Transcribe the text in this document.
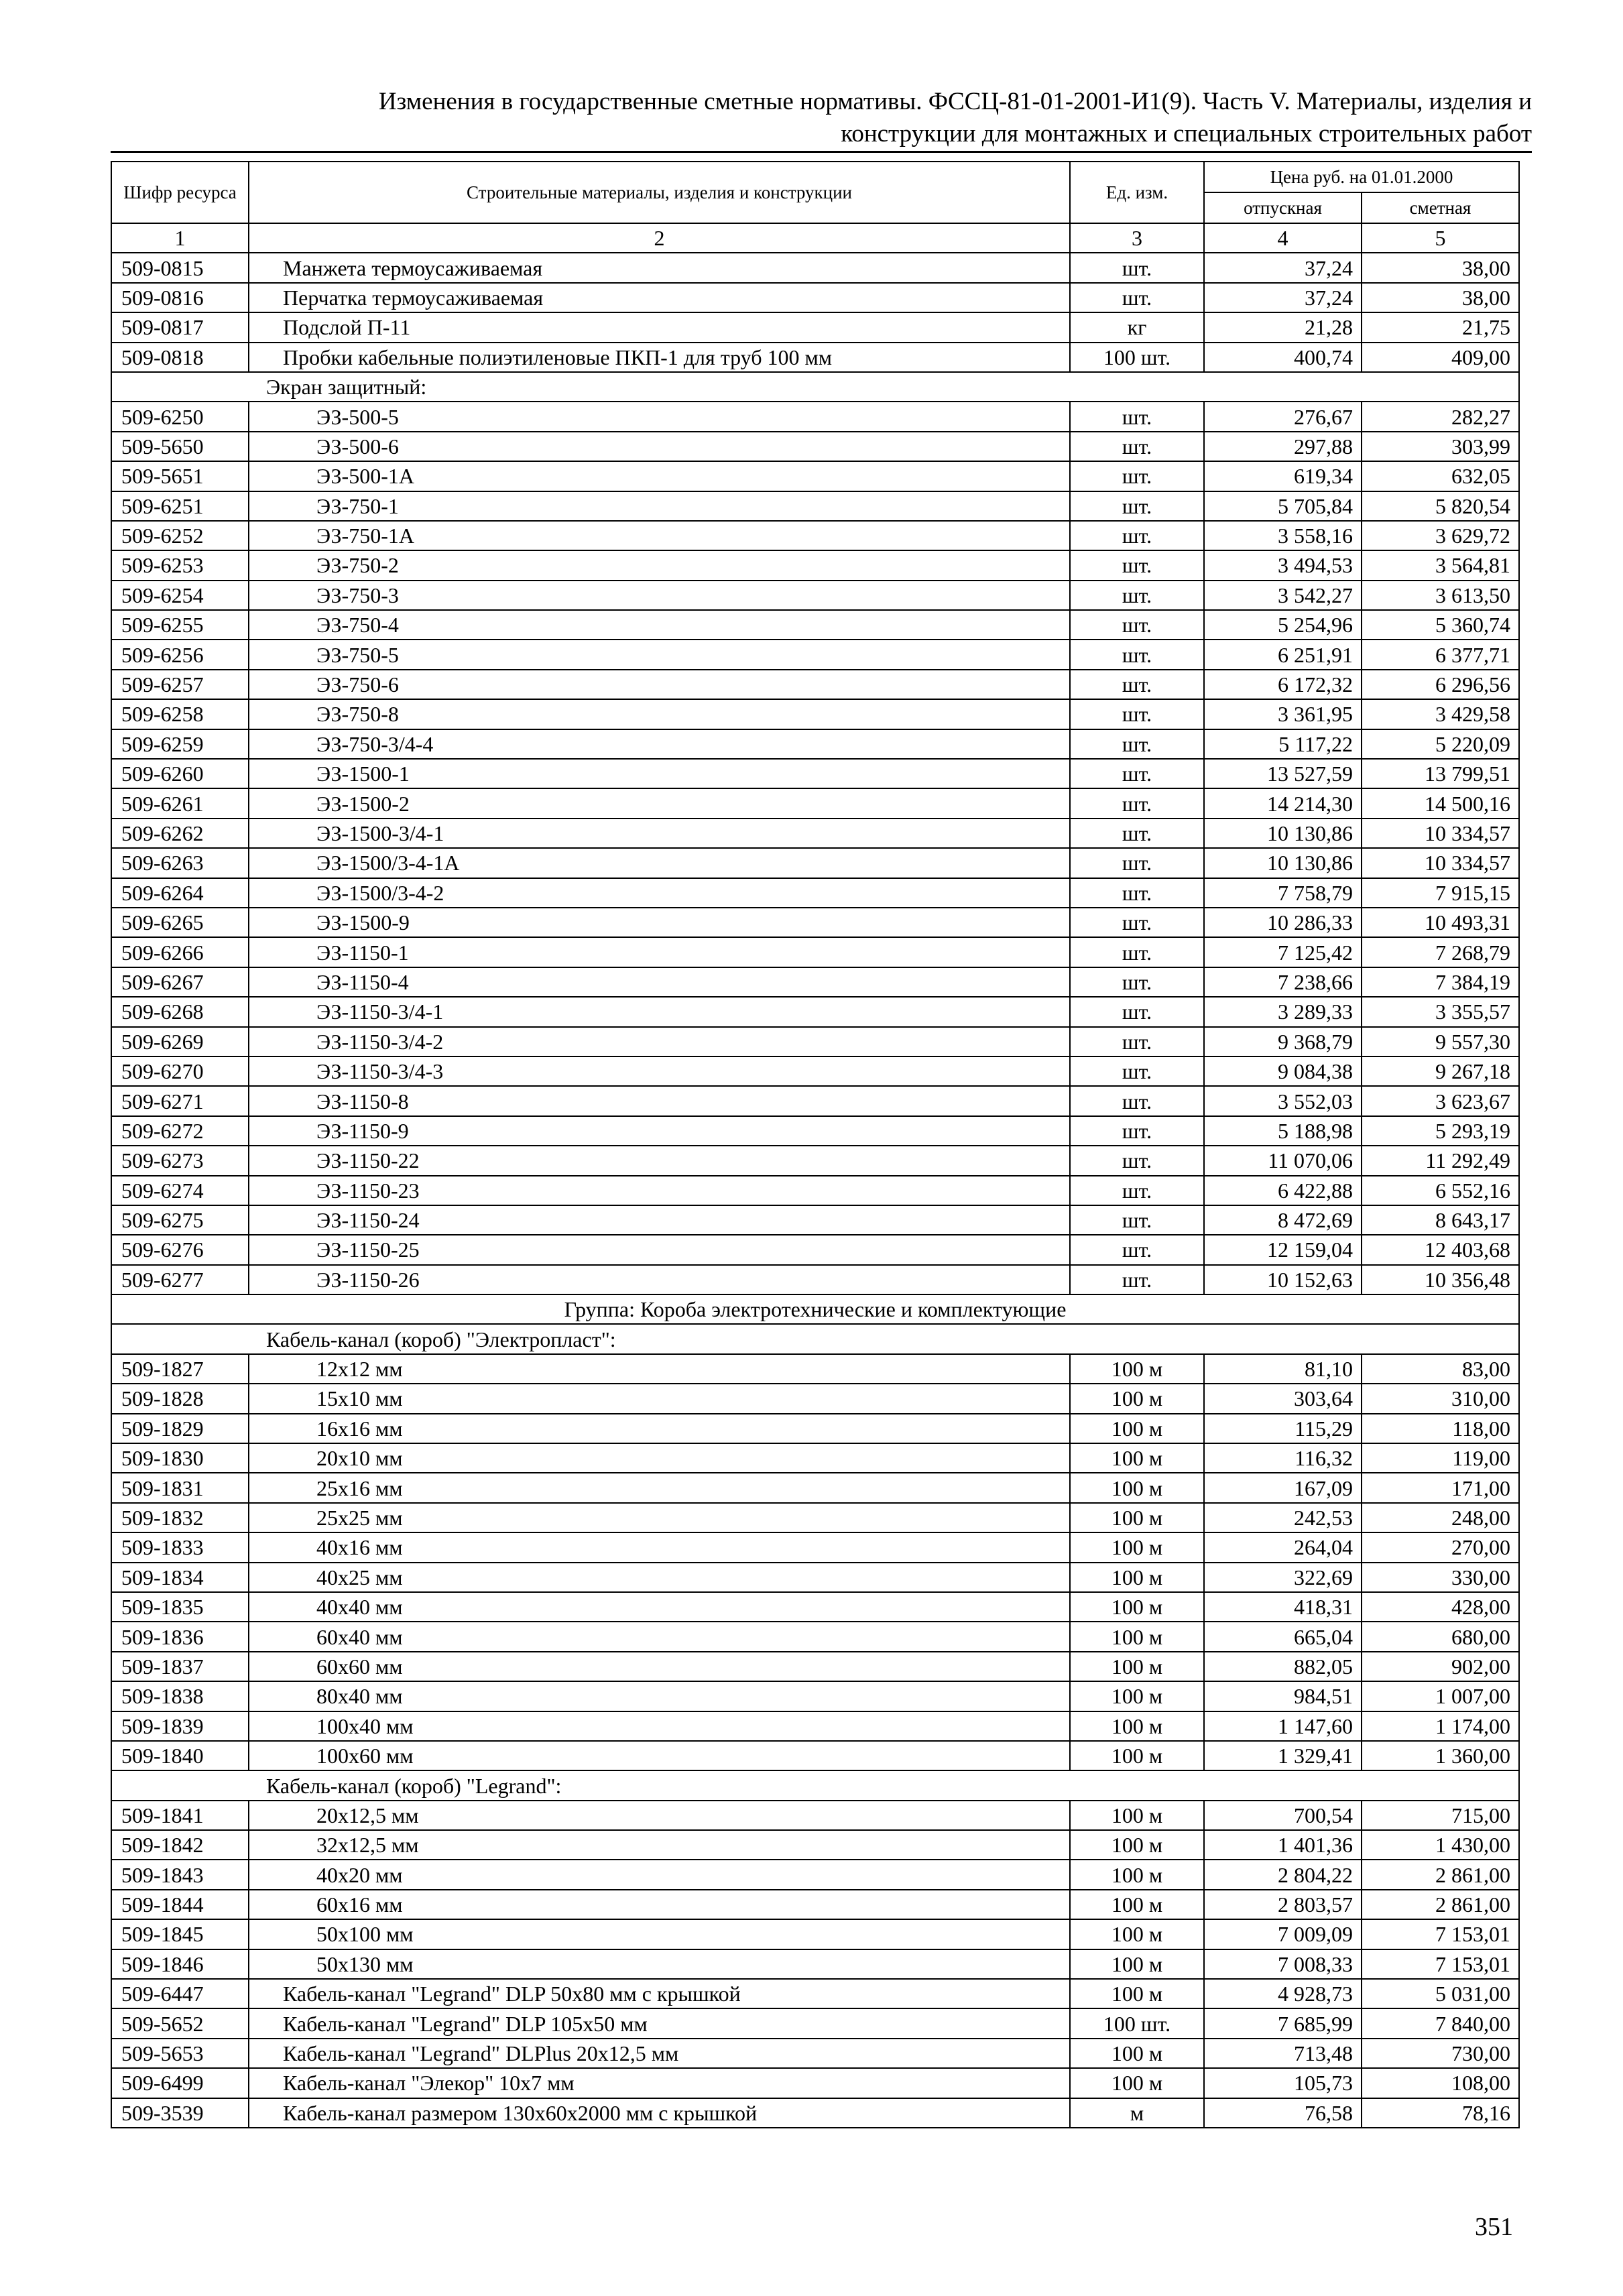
Изменения в государственные сметные нормативы. ФССЦ-81-01-2001-И1(9). Часть V. Материалы, изделия и
конструкции для монтажных и специальных строительных работ
Шифр ресурса	Строительные материалы, изделия и конструкции	Ед. изм.	Цена руб. на 01.01.2000	
			отпускная	сметная
1	2	3	4	5
509-0815	Манжета термоусаживаемая	шт.	37,24	38,00
509-0816	Перчатка термоусаживаемая	шт.	37,24	38,00
509-0817	Подслой П-11	кг	21,28	21,75
509-0818	Пробки кабельные полиэтиленовые ПКП-1 для труб 100 мм	100 шт.	400,74	409,00
Экран защитный:				
509-6250	ЭЗ-500-5	шт.	276,67	282,27
509-5650	ЭЗ-500-6	шт.	297,88	303,99
509-5651	ЭЗ-500-1А	шт.	619,34	632,05
509-6251	ЭЗ-750-1	шт.	5 705,84	5 820,54
509-6252	ЭЗ-750-1А	шт.	3 558,16	3 629,72
509-6253	ЭЗ-750-2	шт.	3 494,53	3 564,81
509-6254	ЭЗ-750-3	шт.	3 542,27	3 613,50
509-6255	ЭЗ-750-4	шт.	5 254,96	5 360,74
509-6256	ЭЗ-750-5	шт.	6 251,91	6 377,71
509-6257	ЭЗ-750-6	шт.	6 172,32	6 296,56
509-6258	ЭЗ-750-8	шт.	3 361,95	3 429,58
509-6259	ЭЗ-750-3/4-4	шт.	5 117,22	5 220,09
509-6260	ЭЗ-1500-1	шт.	13 527,59	13 799,51
509-6261	ЭЗ-1500-2	шт.	14 214,30	14 500,16
509-6262	ЭЗ-1500-3/4-1	шт.	10 130,86	10 334,57
509-6263	ЭЗ-1500/3-4-1А	шт.	10 130,86	10 334,57
509-6264	ЭЗ-1500/3-4-2	шт.	7 758,79	7 915,15
509-6265	ЭЗ-1500-9	шт.	10 286,33	10 493,31
509-6266	ЭЗ-1150-1	шт.	7 125,42	7 268,79
509-6267	ЭЗ-1150-4	шт.	7 238,66	7 384,19
509-6268	ЭЗ-1150-3/4-1	шт.	3 289,33	3 355,57
509-6269	ЭЗ-1150-3/4-2	шт.	9 368,79	9 557,30
509-6270	ЭЗ-1150-3/4-3	шт.	9 084,38	9 267,18
509-6271	ЭЗ-1150-8	шт.	3 552,03	3 623,67
509-6272	ЭЗ-1150-9	шт.	5 188,98	5 293,19
509-6273	ЭЗ-1150-22	шт.	11 070,06	11 292,49
509-6274	ЭЗ-1150-23	шт.	6 422,88	6 552,16
509-6275	ЭЗ-1150-24	шт.	8 472,69	8 643,17
509-6276	ЭЗ-1150-25	шт.	12 159,04	12 403,68
509-6277	ЭЗ-1150-26	шт.	10 152,63	10 356,48
Группа: Короба электротехнические и комплектующие				
Кабель-канал (короб) "Электропласт":				
509-1827	12х12 мм	100 м	81,10	83,00
509-1828	15х10 мм	100 м	303,64	310,00
509-1829	16х16 мм	100 м	115,29	118,00
509-1830	20х10 мм	100 м	116,32	119,00
509-1831	25х16 мм	100 м	167,09	171,00
509-1832	25х25 мм	100 м	242,53	248,00
509-1833	40х16 мм	100 м	264,04	270,00
509-1834	40х25 мм	100 м	322,69	330,00
509-1835	40х40 мм	100 м	418,31	428,00
509-1836	60х40 мм	100 м	665,04	680,00
509-1837	60х60 мм	100 м	882,05	902,00
509-1838	80х40 мм	100 м	984,51	1 007,00
509-1839	100х40 мм	100 м	1 147,60	1 174,00
509-1840	100х60 мм	100 м	1 329,41	1 360,00
Кабель-канал (короб) "Legrand":				
509-1841	20х12,5 мм	100 м	700,54	715,00
509-1842	32х12,5 мм	100 м	1 401,36	1 430,00
509-1843	40х20 мм	100 м	2 804,22	2 861,00
509-1844	60х16 мм	100 м	2 803,57	2 861,00
509-1845	50х100 мм	100 м	7 009,09	7 153,01
509-1846	50х130 мм	100 м	7 008,33	7 153,01
509-6447	Кабель-канал "Legrand" DLP 50х80 мм с крышкой	100 м	4 928,73	5 031,00
509-5652	Кабель-канал "Legrand" DLP 105х50 мм	100 шт.	7 685,99	7 840,00
509-5653	Кабель-канал "Legrand" DLPlus 20х12,5 мм	100 м	713,48	730,00
509-6499	Кабель-канал "Элекор" 10х7 мм	100 м	105,73	108,00
509-3539	Кабель-канал размером 130х60х2000 мм с крышкой	м	76,58	78,16
351
